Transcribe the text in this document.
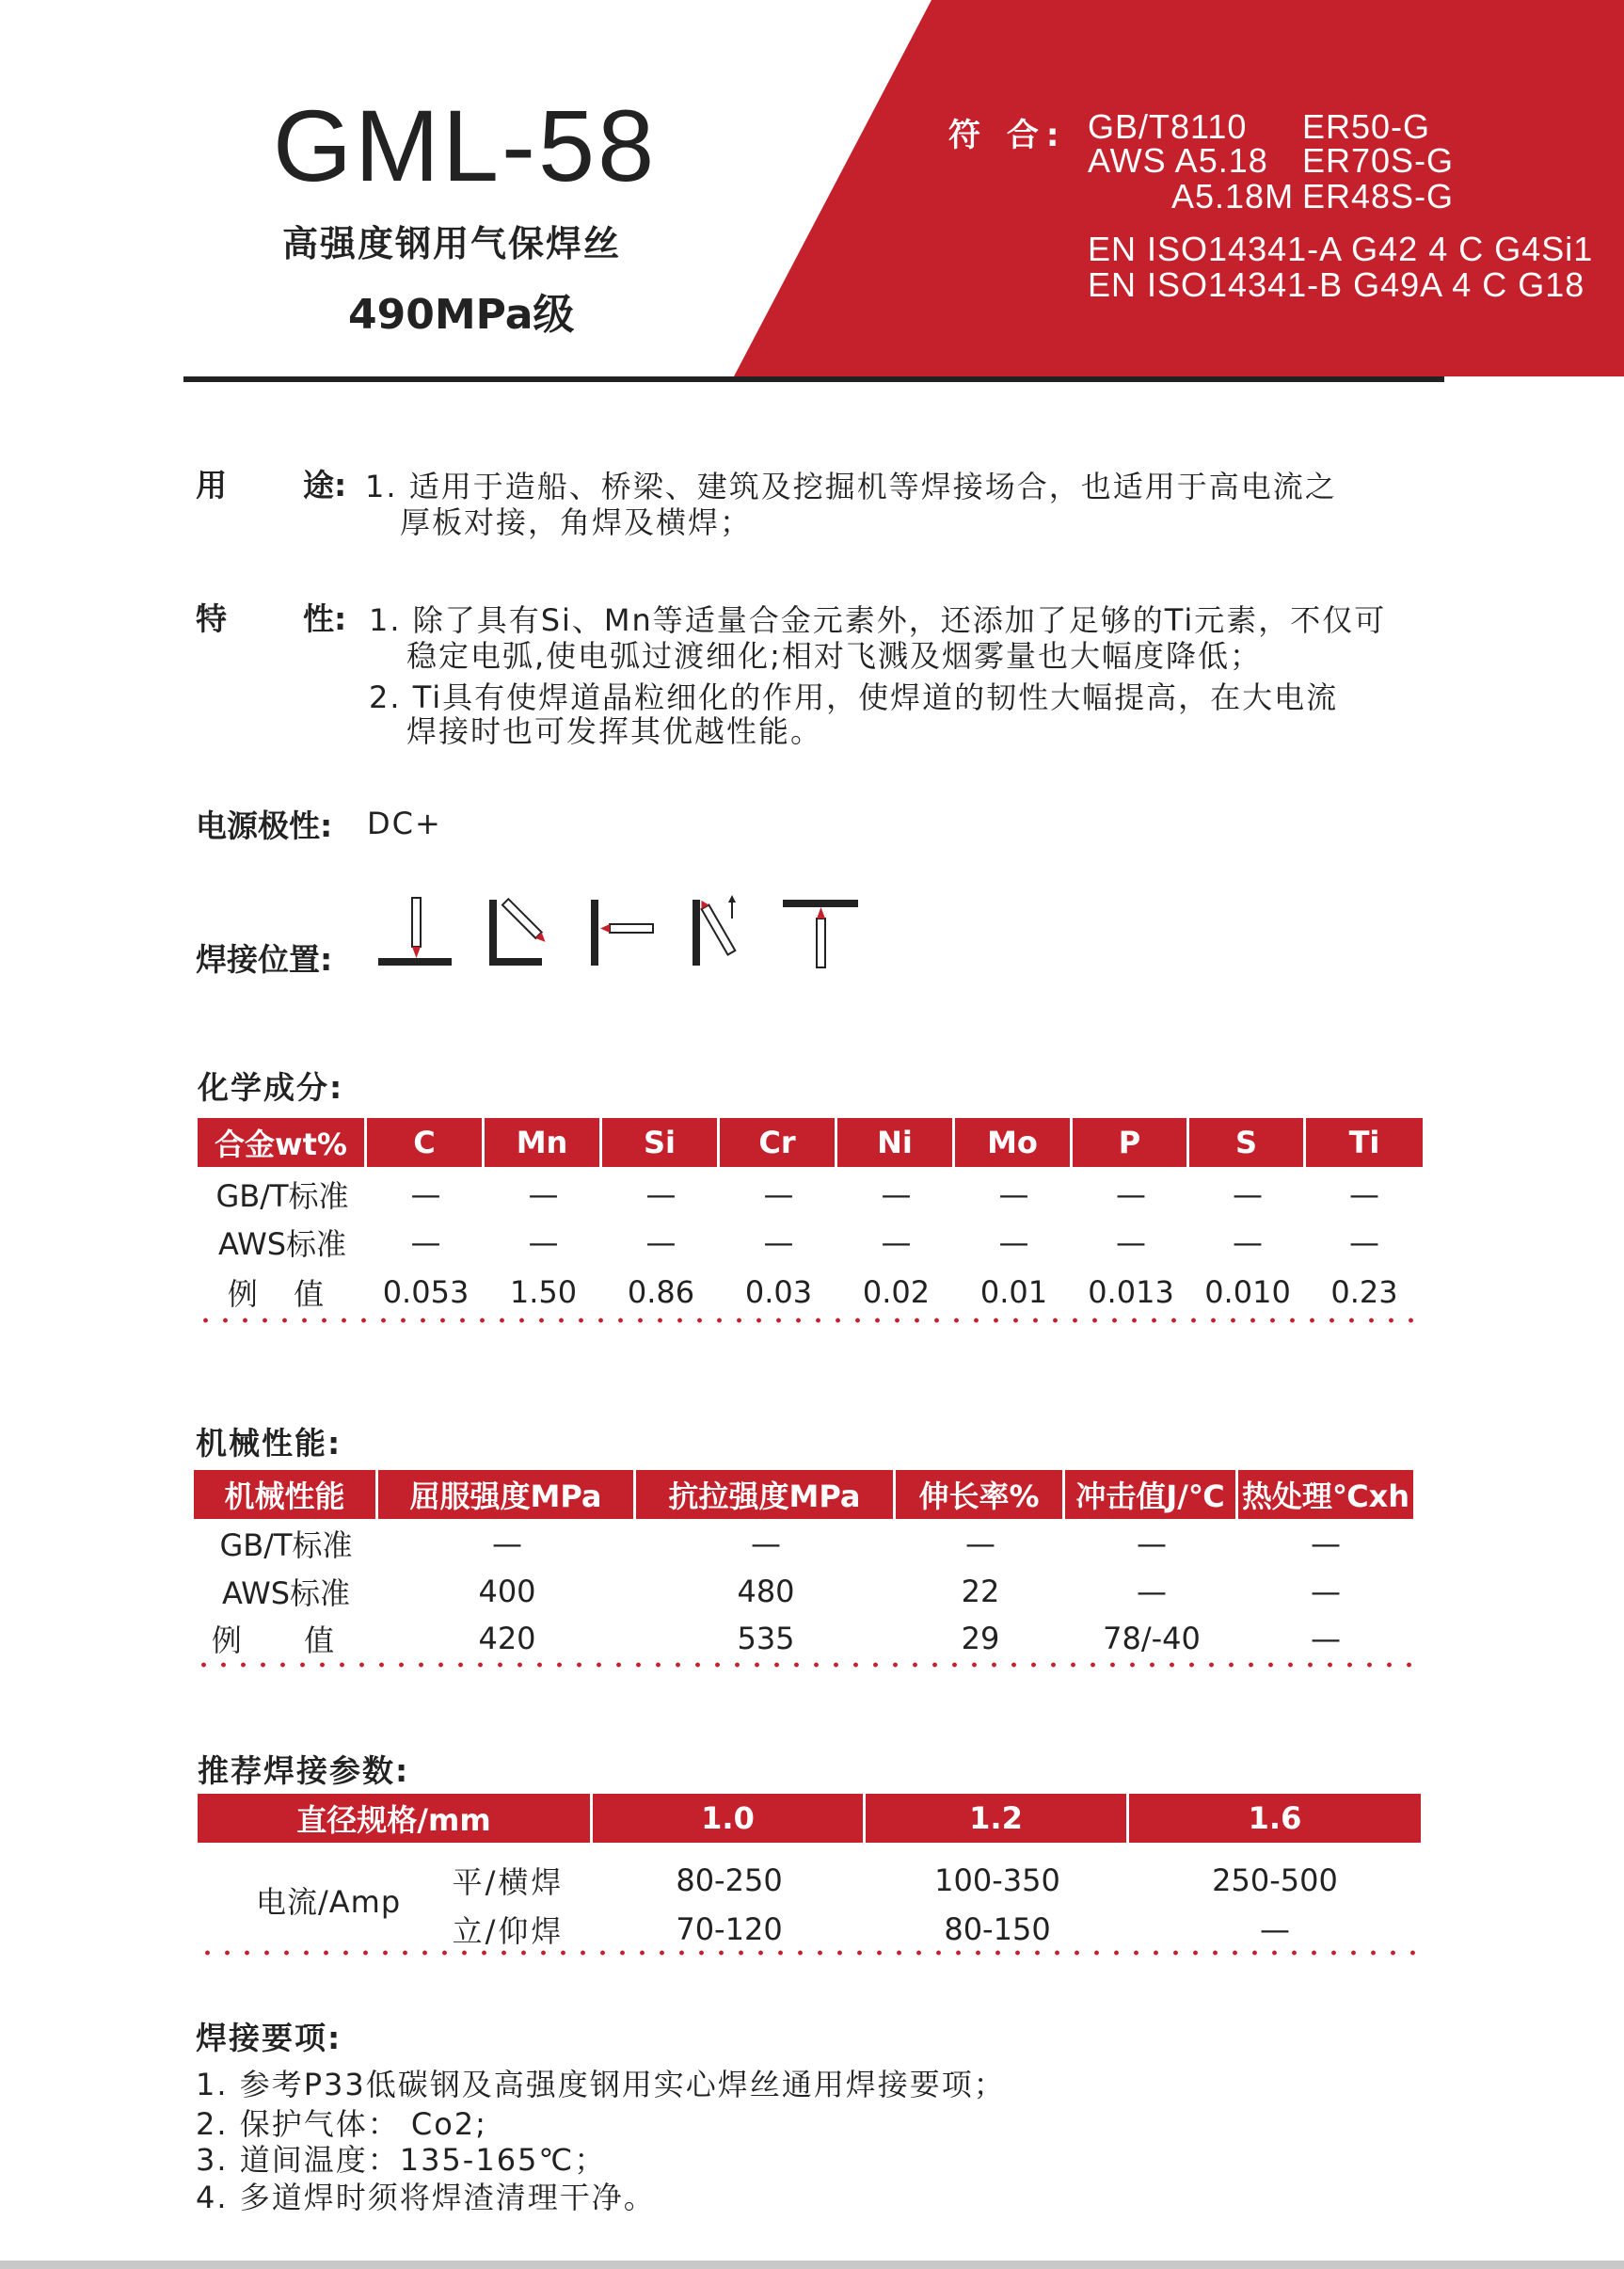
GML-58
高强度钢用气保焊丝
490MPa级
符 合: GB/T8110 ER50-G
AWS A5.18 ER70S-G
A5.18M ER48S-G
EN ISO14341-A G42 4 C G4Si1
EN ISO14341-B G49A 4 C G18
用 途: 1. 适用于造船、桥梁、建筑及挖掘机等焊接场合，也适用于高电流之
厚板对接，角焊及横焊；
特 性: 1. 除了具有Si、Mn等适量合金元素外，还添加了足够的Ti元素，不仅可
稳定电弧,使电弧过渡细化;相对飞溅及烟雾量也大幅度降低；
2. Ti具有使焊道晶粒细化的作用，使焊道的韧性大幅提高，在大电流
焊接时也可发挥其优越性能。
电源极性: DC+
焊接位置:
化学成分:
合金wt%	C	Mn	Si	Cr	Ni	Mo	P	S	Ti
GB/T标准	—	—	—	—	—	—	—	—	—
AWS标准	—	—	—	—	—	—	—	—	—
例 值	0.053	1.50	0.86	0.03	0.02	0.01	0.013	0.010	0.23
机械性能:
机械性能	屈服强度MPa	抗拉强度MPa	伸长率%	冲击值J/℃ 热处理℃xh
GB/T标准	—	—	—	—	—
AWS标准	400	480	22	—	—
例 值	420	535	29	78/-40	—
推荐焊接参数:
直径规格/mm	1.0	1.2	1.6
电流/Amp
平/横焊	80-250	100-350	250-500
立/仰焊	70-120	80-150	—
焊接要项:
1. 参考P33低碳钢及高强度钢用实心焊丝通用焊接要项；
2. 保护气体： Co2;
3. 道间温度：135-165℃；
4. 多道焊时须将焊渣清理干净。
